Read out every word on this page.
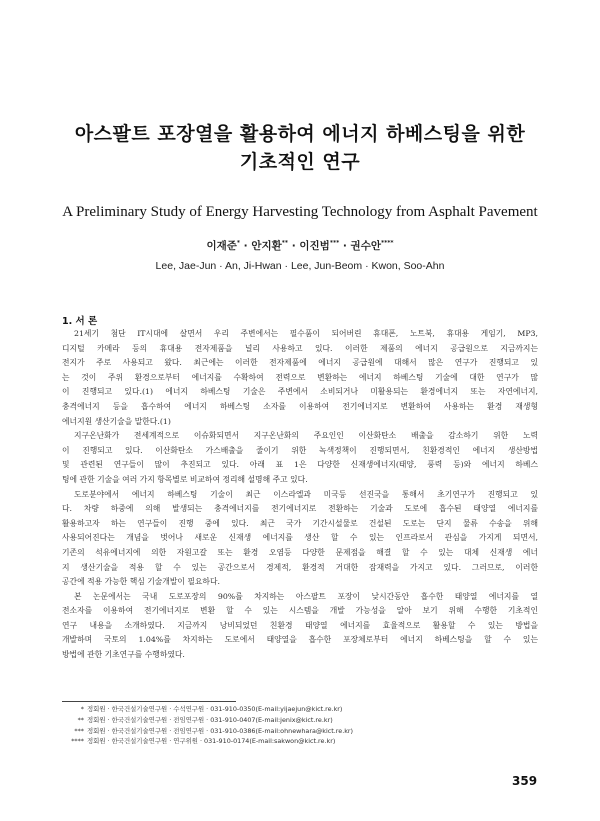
아스팔트 포장열을 활용하여 에너지 하베스팅을 위한
기초적인 연구
A Preliminary Study of Energy Harvesting Technology from Asphalt Pavement
이재준* · 안지환** · 이진범*** · 권수안****
Lee, Jae-Jun · An, Ji-Hwan · Lee, Jun-Beom · Kwon, Soo-Ahn
1. 서 론
21세기 첨단 IT시대에 살면서 우리 주변에서는 필수품이 되어버린 휴대폰, 노트북, 휴대용 게임기, MP3,
디지털 카메라 등의 휴대용 전자제품을 널리 사용하고 있다. 이러한 제품의 에너지 공급원으로 지금까지는
전지가 주로 사용되고 왔다. 최근에는 이러한 전자제품에 에너지 공급원에 대해서 많은 연구가 진행되고 있
는 것이 주위 환경으로부터 에너지를 수확하여 전력으로 변환하는 에너지 하베스팅 기술에 대한 연구가 많
이 진행되고 있다.(1) 에너지 하베스팅 기술은 주변에서 소비되거나 미활용되는 환경에너지 또는 자연에너지,
충격에너지 등을 흡수하여 에너지 하베스팅 소자를 이용하여 전기에너지로 변환하여 사용하는 환경 재생형
에너지원 생산기술을 말한다.(1)
지구온난화가 전세계적으로 이슈화되면서 지구온난화의 주요인인 이산화탄소 배출을 감소하기 위한 노력
이 진행되고 있다. 이산화탄소 가스배출을 줄이기 위한 녹색정책이 진행되면서, 친환경적인 에너지 생산방법
및 관련된 연구들이 많이 추진되고 있다. 아래 표 1은 다양한 신재생에너지(태양, 풍력 등)와 에너지 하베스
팅에 관한 기술을 여러 가지 항목별로 비교하여 정리해 설명해 주고 있다.
도로분야에서 에너지 하베스팅 기술이 최근 이스라엘과 미국등 선진국을 통해서 초기연구가 진행되고 있
다. 차량 하중에 의해 발생되는 충격에너지를 전기에너지로 전환하는 기술과 도로에 흡수된 태양열 에너지를
활용하고자 하는 연구들이 진행 중에 있다. 최근 국가 기간시설물로 건설된 도로는 단지 물류 수송을 위해
사용되어진다는 개념을 벗어나 새로운 신재생 에너지를 생산 할 수 있는 인프라로서 관심을 가지게 되면서,
기존의 석유에너지에 의한 자원고갈 또는 환경 오염등 다양한 문제점을 해결 할 수 있는 대체 신재생 에너
지 생산기술을 적용 할 수 있는 공간으로서 경제적, 환경적 거대한 잠재력을 가지고 있다. 그러므로, 이러한
공간에 적용 가능한 핵심 기술개발이 필요하다.
본 논문에서는 국내 도로포장의 90%를 차지하는 아스팔트 포장이 낮시간동안 흡수한 태양열 에너지를 열
전소자를 이용하여 전기에너지로 변환 할 수 있는 시스템을 개발 가능성을 알아 보기 위해 수행한 기초적인
연구 내용을 소개하였다. 지금까지 낭비되었던 친환경 태양열 에너지를 효율적으로 활용할 수 있는 방법을
개발하며 국토의 1.04%를 차지하는 도로에서 태양열을 흡수한 포장체로부터 에너지 하베스팅을 할 수 있는
방법에 관한 기초연구를 수행하였다.
* 정회원 · 한국건설기술연구원 · 수석연구원 · 031-910-0350(E-mail:yijaejun@kict.re.kr)
** 정회원 · 한국건설기술연구원 · 전임연구원 · 031-910-0407(E-mail:jenix@kict.re.kr)
*** 정회원 · 한국건설기술연구원 · 전임연구원 · 031-910-0386(E-mail:ohnewhara@kict.re.kr)
**** 정회원 · 한국건설기술연구원 · 연구위원 · 031-910-0174(E-mail:sakwon@kict.re.kr)
359
